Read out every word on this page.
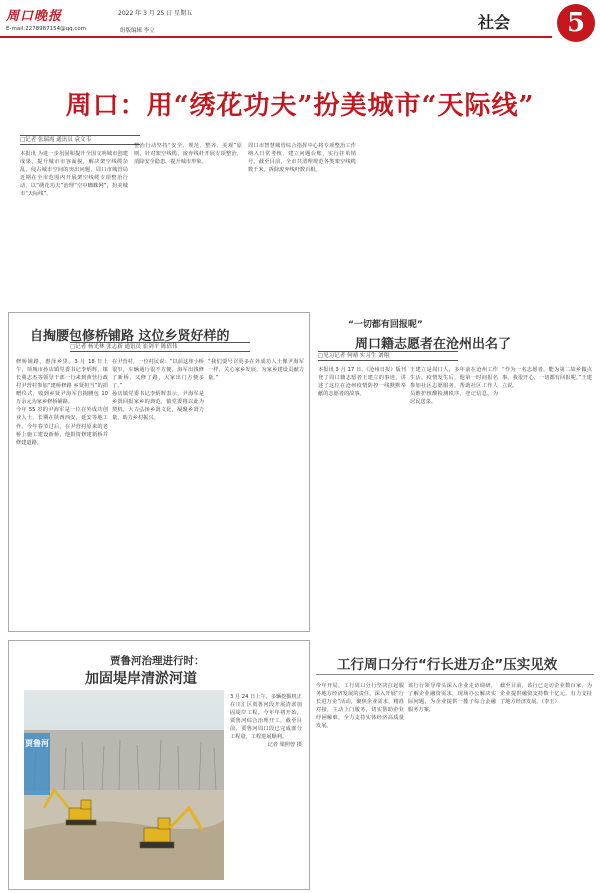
周口晚报	2022 年 3 月 25 日 星期五
E-mail:2278987154@qq.com	组版编辑 李立	社会	5
周口：用“绣花功夫”扮美城市“天际线”
□记者 张瑞霞 通讯员 袁文韦

本报讯 为进一步巩固和提升全国文明城市创建成果，提升城市市容面貌，解决架空线缆杂乱、侵占城市空间的突出问题，周口市城管局近期在全市范围内开展架空线缆专项整治行动，以“绣花功夫”治理“空中蜘蛛网”，扮美城市“天际线”。

整治行动坚持“安全、规范、整齐、美观”原则，针对架空线缆、废弃线杆开展专项整治，消除安全隐患，提升城市形象。

周口市智慧城管综合指挥中心将专项整治工作纳入日常考核，建立问题台账，实行挂单销号。截至目前，全市共清理规范各类架空线缆数千米，拆除废弃线杆数百根。

自掏腰包修桥铺路 这位乡贤好样的
□记者 杨光林 张志新 通讯员 崔剑平 陈倩伟

修桥铺路，惠泽乡里。3 月 18 日上午，项城市孙店镇党委书记李炳辉，镇长冀志杰等领导干部一行来到黄营行政村尹营村参加“建桥修路 乡贤担当”的捐赠仪式，收到乡贤尹海军自掏腰包 10 万余元为家乡修桥铺路。

今年 55 岁的尹海军是一位在外成功创业人士，长期在陕西西安、延安等地工作。今年春节过后，在尹营村原来的老桥上施工建设新桥，他捐资修建新桥并修建道路。

在尹营村，一位村民说：“以前这座小桥很窄，车辆通行很不方便，海军出钱修了新桥，又修了路，大家出门方便多了。”

孙店镇党委书记李炳辉表示，尹海军是乡贤回报家乡的典范，镇党委将以此为契机，大力弘扬乡贤文化，凝聚乡贤力量，助力乡村振兴。

“我们要号召更多在外成功人士像尹海军一样，关心家乡发展，为家乡建设贡献力量。”

“一切都有回报呢”
周口籍志愿者在沧州出名了
□见习记者 何晴 实习生 刘翔

本报讯 3 月 17 日，《沧州日报》版刊登了周口籍志愿者王建立的事迹，讲述了这位在沧州疫情防控一线默默奉献的志愿者的故事。

王建立是周口人，多年前在沧州工作生活。疫情发生后，他第一时间报名参加社区志愿服务，帮助社区工作人员维护核酸检测秩序、登记信息、为居民送菜。

“作为一名志愿者，能为第二故乡做点事，我很开心，一切都有回报呢。”王建立说。

贾鲁河治理进行时：
加固堤岸清淤河道
贾鲁河

3 月 24 日上午，多辆挖掘机正在川汇区贾鲁河段开展清淤加固堤岸工程。今年年初开始，贾鲁河综合治理开工，截至目前，贾鲁河周口段已完成部分工程量，工程进展顺利。

记者 梁照曾 摄

工行周口分行“行长进万企”压实见效

今年开局，工行周口分行坚决扛起服务地方经济发展的责任，深入开展“行长进万企”活动，聚焦企业需求，精准对接，主动上门服务，切实帮助企业纾困解难，全力支持实体经济高质量发展。

该行行领导带头深入企业走访调研，了解企业融资需求，现场办公解决实际问题，为企业提供一揽子综合金融服务方案。

截至目前，该行已走访企业数百家，为企业提供融资支持数十亿元，有力支持了地方经济发展。（李玉）
